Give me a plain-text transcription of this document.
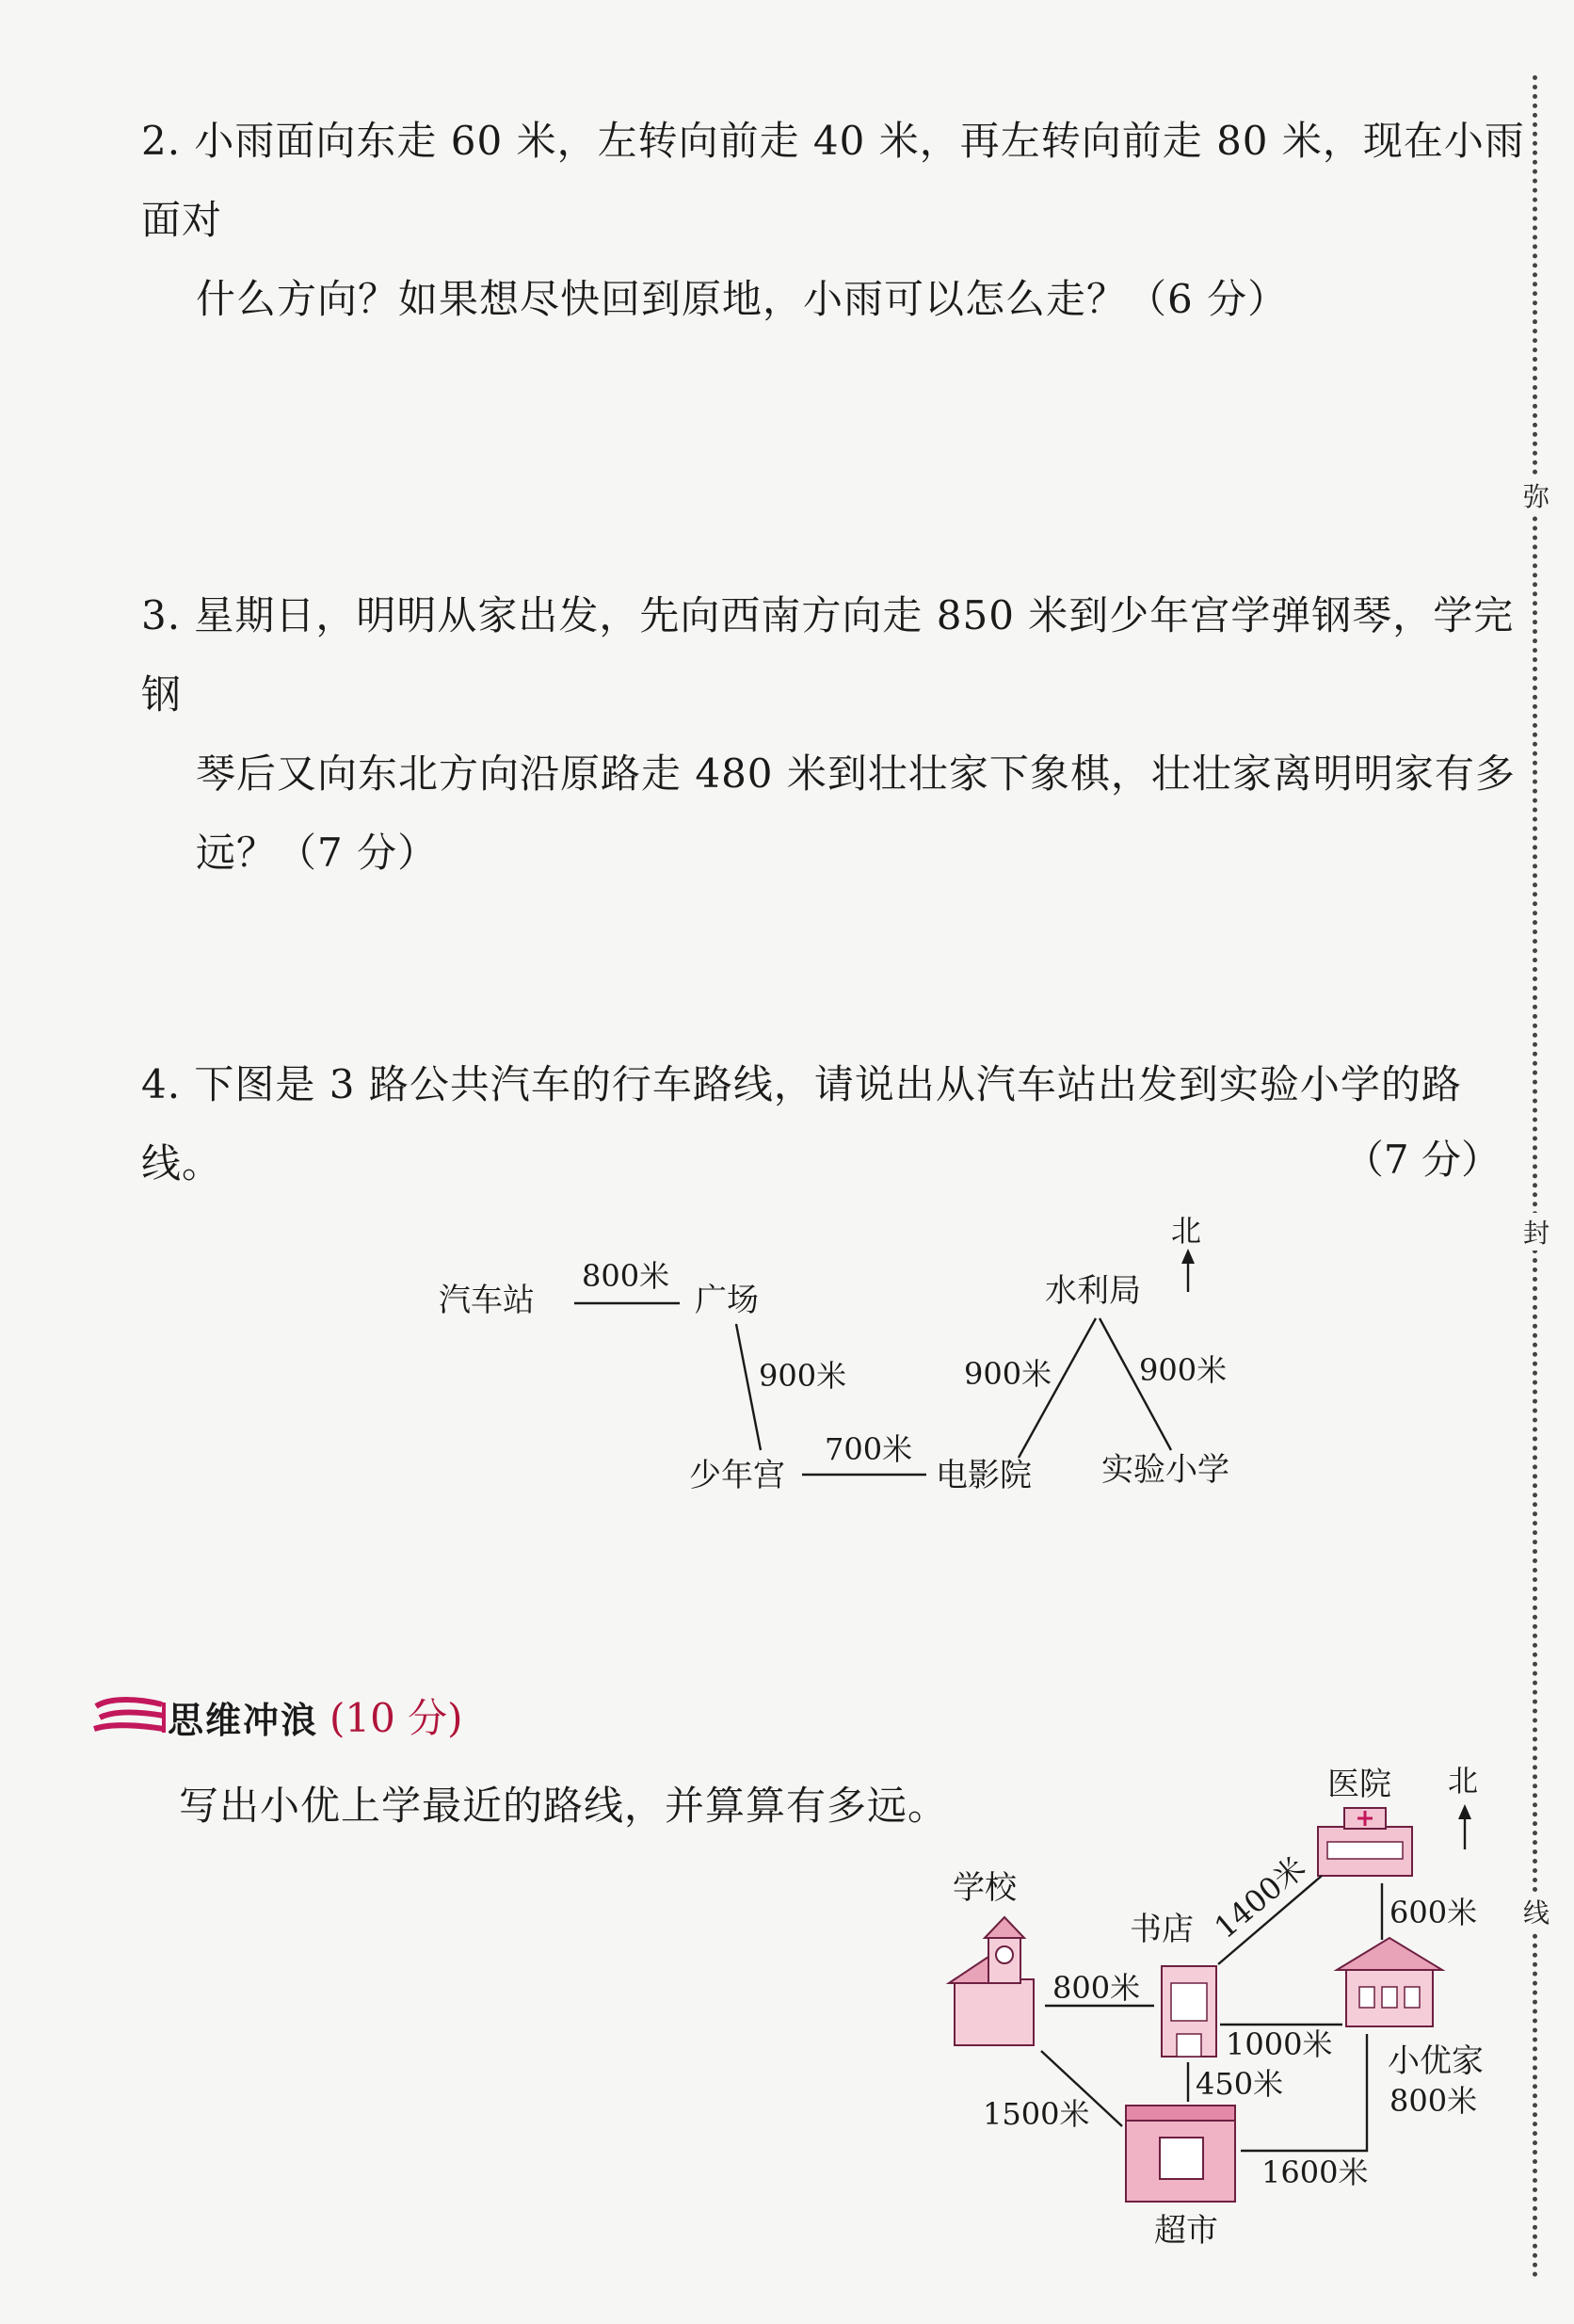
2. 小雨面向东走 60 米，左转向前走 40 米，再左转向前走 80 米，现在小雨面对

什么方向？如果想尽快回到原地，小雨可以怎么走？（6 分）

3. 星期日，明明从家出发，先向西南方向走 850 米到少年宫学弹钢琴，学完钢

琴后又向东北方向沿原路走 480 米到壮壮家下象棋，壮壮家离明明家有多

远？（7 分）

4. 下图是 3 路公共汽车的行车路线，请说出从汽车站出发到实验小学的路线。	（7 分）
北
汽车站
800米
广场
900米
少年宫
700米
电影院
900米
水利局
900米
实验小学
思维冲浪 (10 分)
写出小优上学最近的路线，并算算有多远。
北
医院
学校
书店
小优家
超市
1400米	600米
800米
1000米
450米
1500米
1600米
800米
弥
封
线
